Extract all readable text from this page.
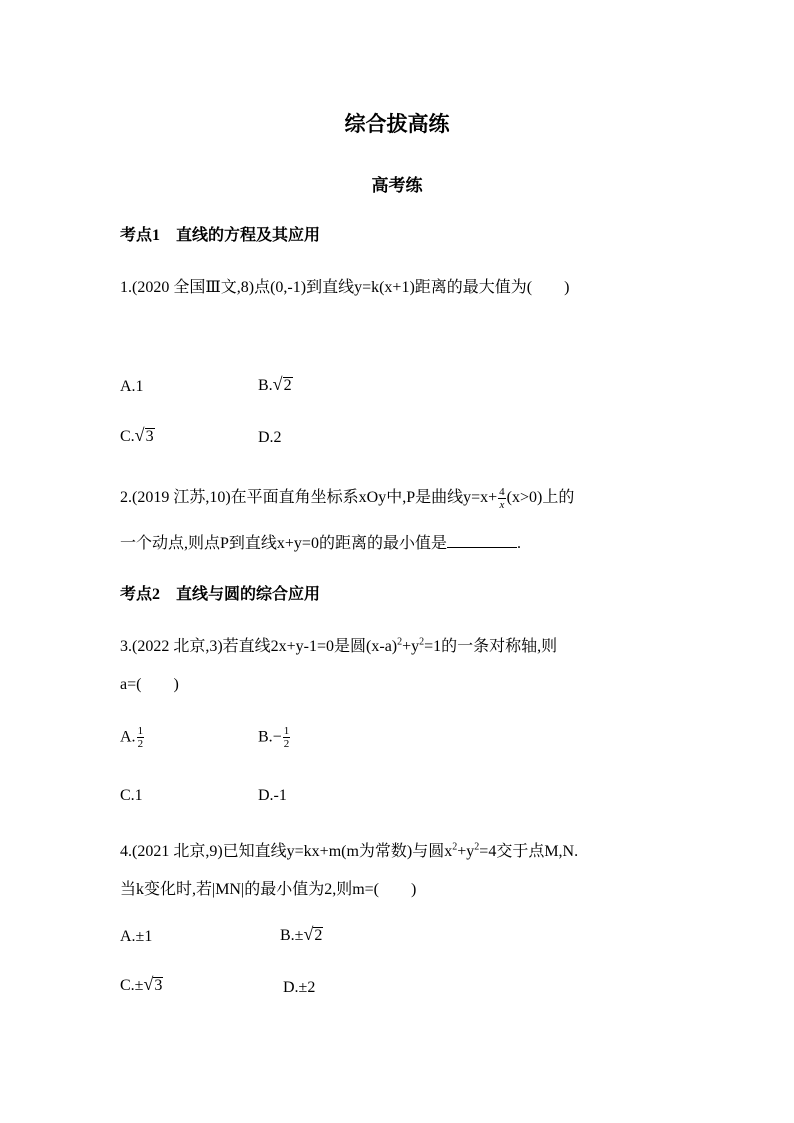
综合拔高练
高考练
考点1　直线的方程及其应用
1.(2020 全国Ⅲ文,8)点(0,-1)到直线y=k(x+1)距离的最大值为(　　)
A.1	B.√2
C.√3	D.2
2.(2019 江苏,10)在平面直角坐标系xOy中,P是曲线$y=x+ \frac{4}{x} (x>0)$上的
一个动点,则点P到直线x+y=0的距离的最小值是	.
考点2　直线与圆的综合应用
3.(2022 北京,3)若直线2x+y-1=0是圆$(x-a)^2+y^2=1$的一条对称轴,则
a=(　　)
A. $\frac{1}{2}$	$B.- \frac{1}{2}$
C.1	D.-1
4.(2021 北京,9)已知直线y=kx+m(m为常数)与圆$x^2+y^2=4$交于点M,N.
当k变化时,若|MN|的最小值为2,则m=(　　)
A.±1	B.±√2
C.±√3	D.±2
